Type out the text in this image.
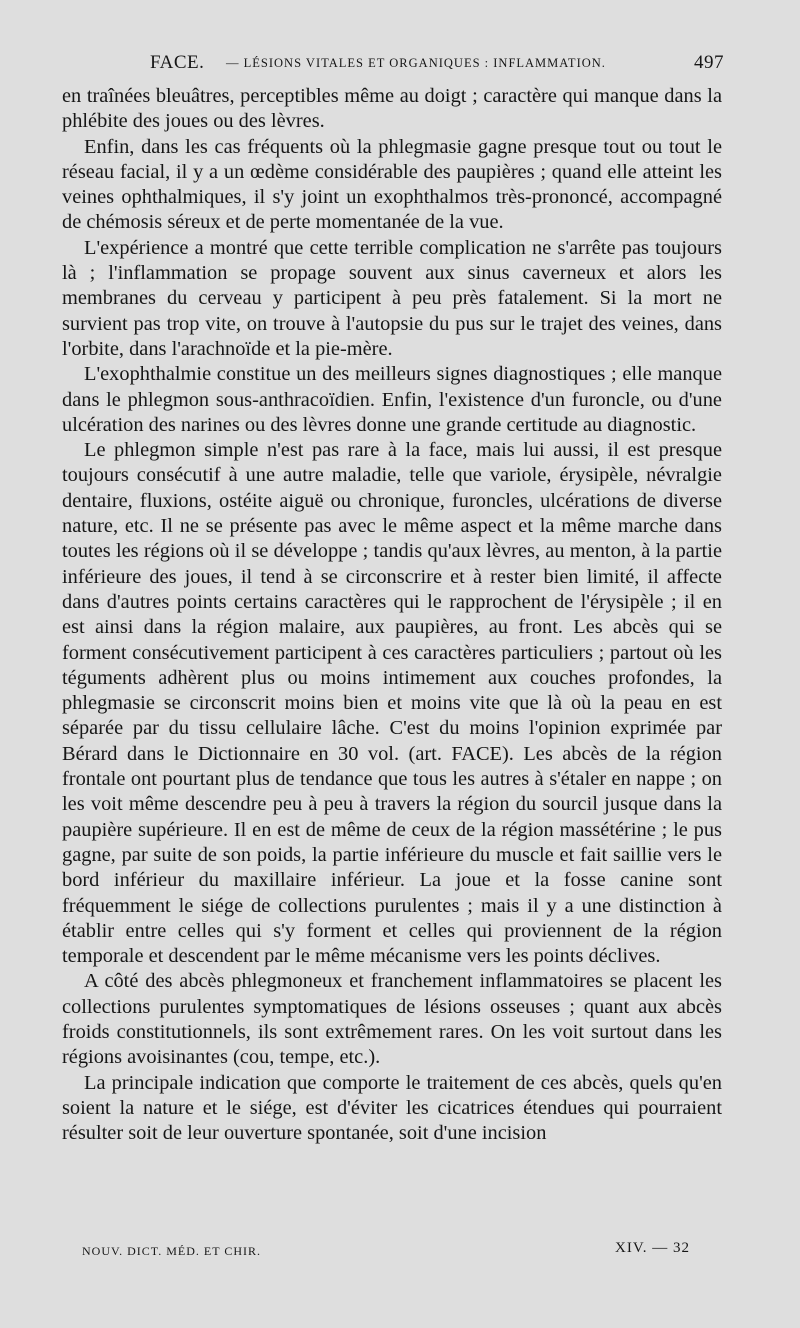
FACE. — LÉSIONS VITALES ET ORGANIQUES : INFLAMMATION.	497

en traînées bleuâtres, perceptibles même au doigt ; caractère qui manque dans la phlébite des joues ou des lèvres.

Enfin, dans les cas fréquents où la phlegmasie gagne presque tout ou tout le réseau facial, il y a un œdème considérable des paupières ; quand elle atteint les veines ophthalmiques, il s'y joint un exophthalmos très-prononcé, accompagné de chémosis séreux et de perte momentanée de la vue.

L'expérience a montré que cette terrible complication ne s'arrête pas toujours là ; l'inflammation se propage souvent aux sinus caverneux et alors les membranes du cerveau y participent à peu près fatalement. Si la mort ne survient pas trop vite, on trouve à l'autopsie du pus sur le trajet des veines, dans l'orbite, dans l'arachnoïde et la pie-mère.

L'exophthalmie constitue un des meilleurs signes diagnostiques ; elle manque dans le phlegmon sous-anthracoïdien. Enfin, l'existence d'un furoncle, ou d'une ulcération des narines ou des lèvres donne une grande certitude au diagnostic.

Le phlegmon simple n'est pas rare à la face, mais lui aussi, il est presque toujours consécutif à une autre maladie, telle que variole, érysipèle, névralgie dentaire, fluxions, ostéite aiguë ou chronique, furoncles, ulcérations de diverse nature, etc. Il ne se présente pas avec le même aspect et la même marche dans toutes les régions où il se développe ; tandis qu'aux lèvres, au menton, à la partie inférieure des joues, il tend à se circonscrire et à rester bien limité, il affecte dans d'autres points certains caractères qui le rapprochent de l'érysipèle ; il en est ainsi dans la région malaire, aux paupières, au front. Les abcès qui se forment consécutivement participent à ces caractères particuliers ; partout où les téguments adhèrent plus ou moins intimement aux couches profondes, la phlegmasie se circonscrit moins bien et moins vite que là où la peau en est séparée par du tissu cellulaire lâche. C'est du moins l'opinion exprimée par Bérard dans le Dictionnaire en 30 vol. (art. FACE). Les abcès de la région frontale ont pourtant plus de tendance que tous les autres à s'étaler en nappe ; on les voit même descendre peu à peu à travers la région du sourcil jusque dans la paupière supérieure. Il en est de même de ceux de la région massétérine ; le pus gagne, par suite de son poids, la partie inférieure du muscle et fait saillie vers le bord inférieur du maxillaire inférieur. La joue et la fosse canine sont fréquemment le siége de collections purulentes ; mais il y a une distinction à établir entre celles qui s'y forment et celles qui proviennent de la région temporale et descendent par le même mécanisme vers les points déclives.

A côté des abcès phlegmoneux et franchement inflammatoires se placent les collections purulentes symptomatiques de lésions osseuses ; quant aux abcès froids constitutionnels, ils sont extrêmement rares. On les voit surtout dans les régions avoisinantes (cou, tempe, etc.).

La principale indication que comporte le traitement de ces abcès, quels qu'en soient la nature et le siége, est d'éviter les cicatrices étendues qui pourraient résulter soit de leur ouverture spontanée, soit d'une incision

NOUV. DICT. MÉD. ET CHIR.	XIV. — 32
